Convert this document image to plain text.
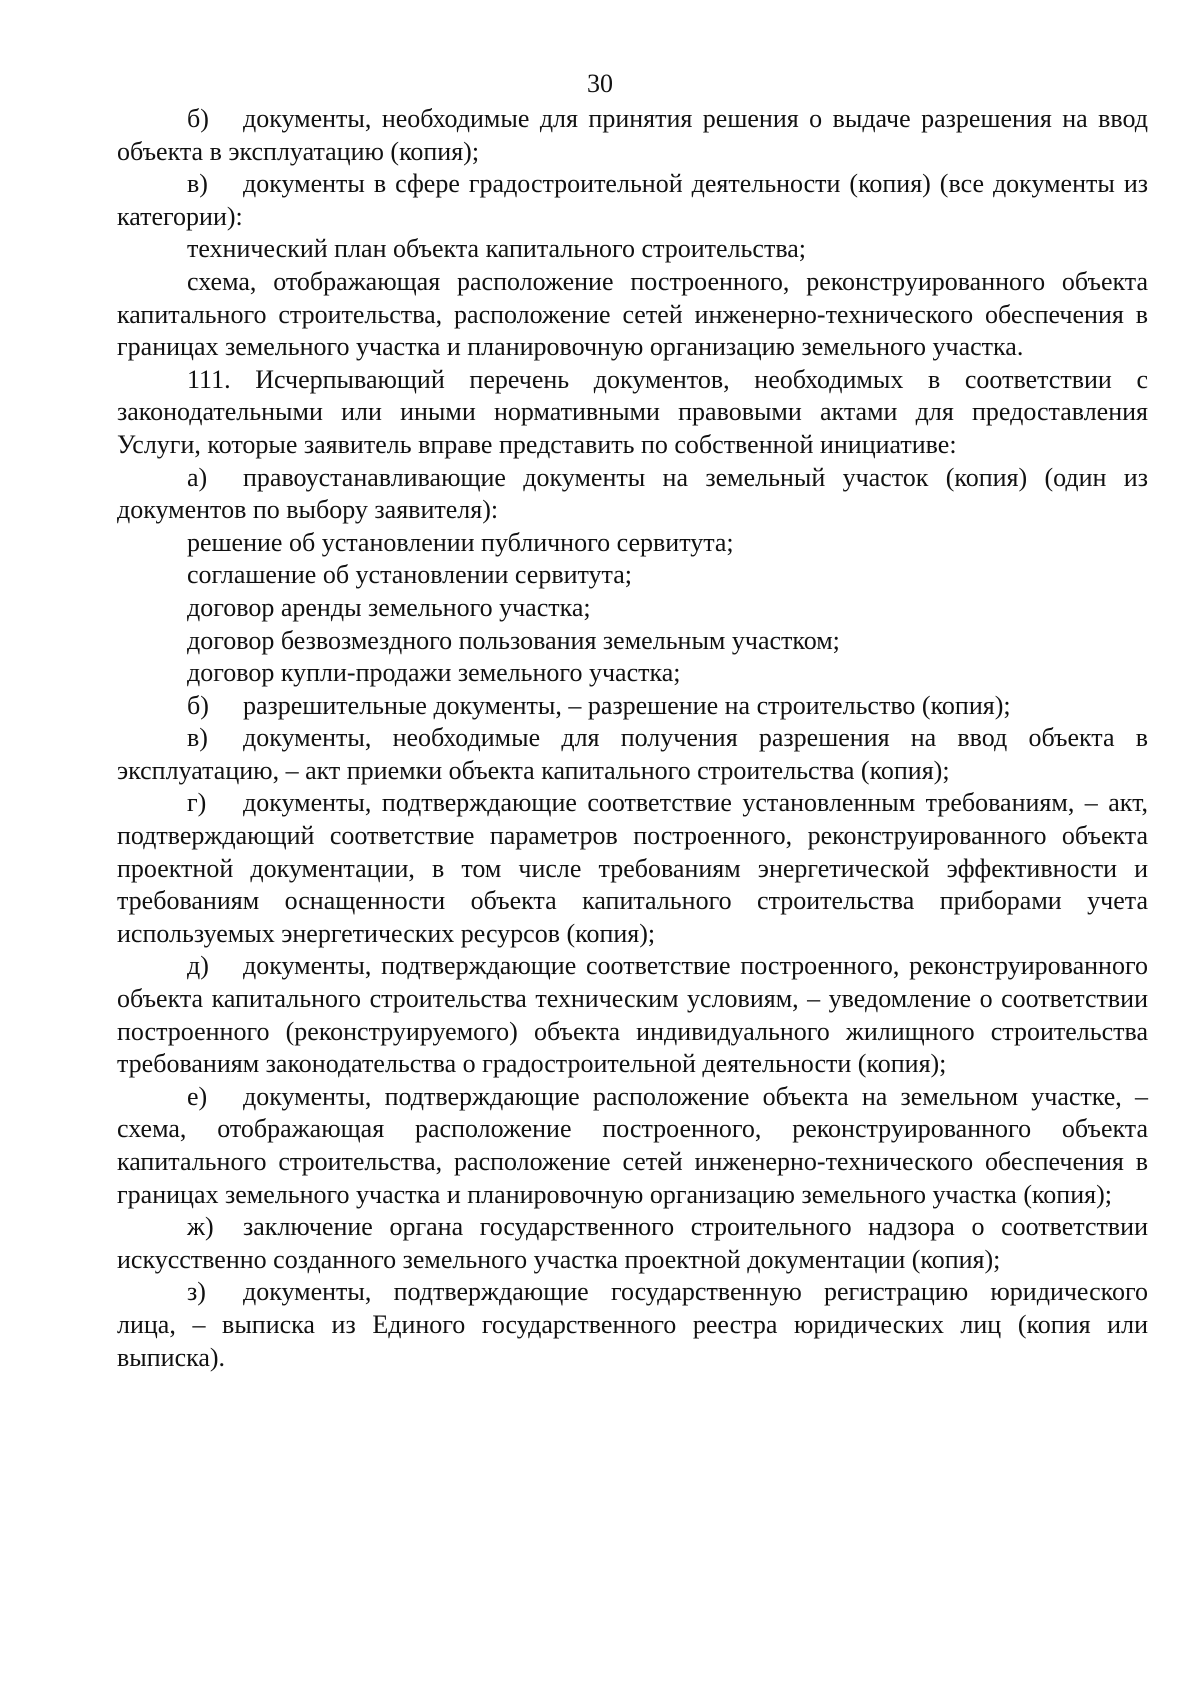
30

б) документы, необходимые для принятия решения о выдаче разрешения на ввод объекта в эксплуатацию (копия);

в) документы в сфере градостроительной деятельности (копия) (все документы из категории):

технический план объекта капитального строительства;

схема, отображающая расположение построенного, реконструированного объекта капитального строительства, расположение сетей инженерно-технического обеспечения в границах земельного участка и планировочную организацию земельного участка.

111. Исчерпывающий перечень документов, необходимых в соответствии с законодательными или иными нормативными правовыми актами для предоставления Услуги, которые заявитель вправе представить по собственной инициативе:

а) правоустанавливающие документы на земельный участок (копия) (один из документов по выбору заявителя):

решение об установлении публичного сервитута;

соглашение об установлении сервитута;

договор аренды земельного участка;

договор безвозмездного пользования земельным участком;

договор купли-продажи земельного участка;

б) разрешительные документы, – разрешение на строительство (копия);

в) документы, необходимые для получения разрешения на ввод объекта в эксплуатацию, – акт приемки объекта капитального строительства (копия);

г) документы, подтверждающие соответствие установленным требованиям, – акт, подтверждающий соответствие параметров построенного, реконструированного объекта проектной документации, в том числе требованиям энергетической эффективности и требованиям оснащенности объекта капитального строительства приборами учета используемых энергетических ресурсов (копия);

д) документы, подтверждающие соответствие построенного, реконструированного объекта капитального строительства техническим условиям, – уведомление о соответствии построенного (реконструируемого) объекта индивидуального жилищного строительства требованиям законодательства о градостроительной деятельности (копия);

е) документы, подтверждающие расположение объекта на земельном участке, – схема, отображающая расположение построенного, реконструированного объекта капитального строительства, расположение сетей инженерно-технического обеспечения в границах земельного участка и планировочную организацию земельного участка (копия);

ж) заключение органа государственного строительного надзора о соответствии искусственно созданного земельного участка проектной документации (копия);

з) документы, подтверждающие государственную регистрацию юридического лица, – выписка из Единого государственного реестра юридических лиц (копия или выписка).
